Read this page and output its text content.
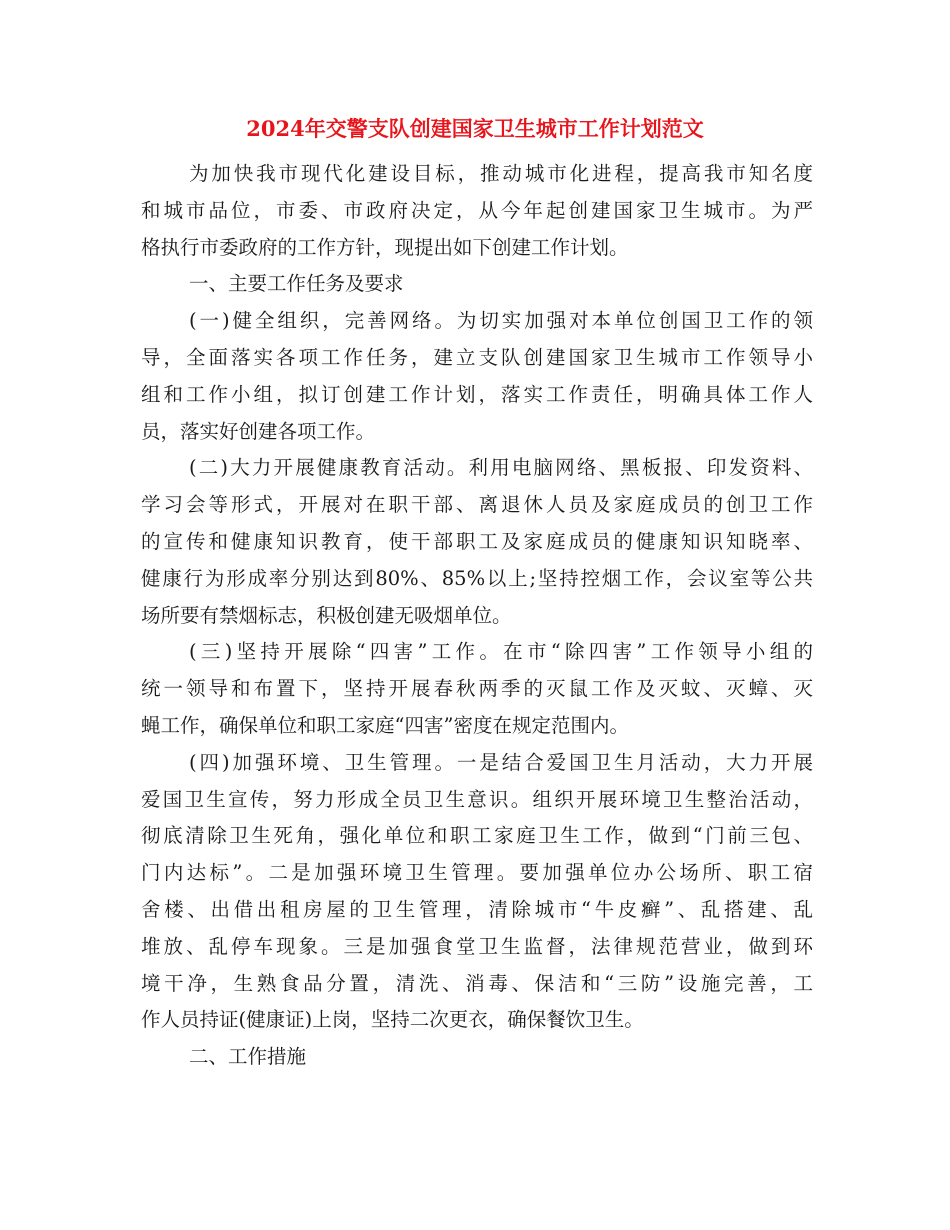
2024年交警支队创建国家卫生城市工作计划范文
为加快我市现代化建设目标，推动城市化进程，提高我市知名度
和城市品位，市委、市政府决定，从今年起创建国家卫生城市。为严
格执行市委政府的工作方针，现提出如下创建工作计划。
一、主要工作任务及要求
(一)健全组织，完善网络。为切实加强对本单位创国卫工作的领
导，全面落实各项工作任务，建立支队创建国家卫生城市工作领导小
组和工作小组，拟订创建工作计划，落实工作责任，明确具体工作人
员，落实好创建各项工作。
(二)大力开展健康教育活动。利用电脑网络、黑板报、印发资料、
学习会等形式，开展对在职干部、离退休人员及家庭成员的创卫工作
的宣传和健康知识教育，使干部职工及家庭成员的健康知识知晓率、
健康行为形成率分别达到80%、85%以上;坚持控烟工作，会议室等公共
场所要有禁烟标志，积极创建无吸烟单位。
(三)坚持开展除“四害”工作。在市“除四害”工作领导小组的
统一领导和布置下，坚持开展春秋两季的灭鼠工作及灭蚊、灭蟑、灭
蝇工作，确保单位和职工家庭“四害”密度在规定范围内。
(四)加强环境、卫生管理。一是结合爱国卫生月活动，大力开展
爱国卫生宣传，努力形成全员卫生意识。组织开展环境卫生整治活动，
彻底清除卫生死角，强化单位和职工家庭卫生工作，做到“门前三包、
门内达标”。二是加强环境卫生管理。要加强单位办公场所、职工宿
舍楼、出借出租房屋的卫生管理，清除城市“牛皮癣”、乱搭建、乱
堆放、乱停车现象。三是加强食堂卫生监督，法律规范营业，做到环
境干净，生熟食品分置，清洗、消毒、保洁和“三防”设施完善，工
作人员持证(健康证)上岗，坚持二次更衣，确保餐饮卫生。
二、工作措施
